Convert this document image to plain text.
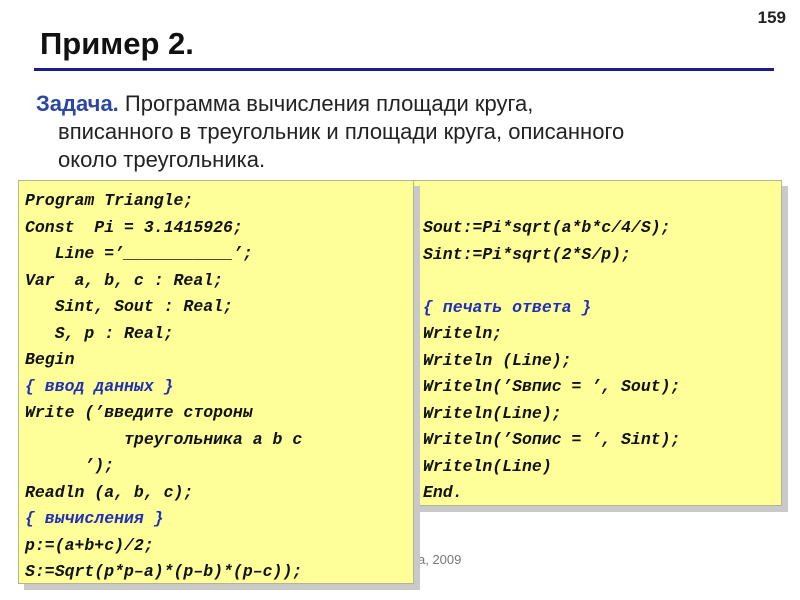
159
Пример 2.
Задача. Программа вычисления площади круга,
вписанного в треугольник и площади круга, описанного
около треугольника.
Sout:=Pi*sqrt(a*b*c/4/S);
Sint:=Pi*sqrt(2*S/p);
{ печать ответа }
Writeln;
Writeln (Line);
Writeln(’Sвпис = ’, Sout);
Writeln(Line);
Writeln(’Sопис = ’, Sint);
Writeln(Line)
End.
Program Triangle;
Const  Pi = 3.1415926;
Line =’___________’;
Var  a, b, c : Real;
Sint, Sout : Real;
S, p : Real;
Begin
{ ввод данных }
Write (’введите стороны
треугольника a b c
’);
Readln (a, b, c);
{ вычисления }
p:=(a+b+c)/2;
S:=Sqrt(p*p–a)*(p–b)*(p–c));
а, 2009
